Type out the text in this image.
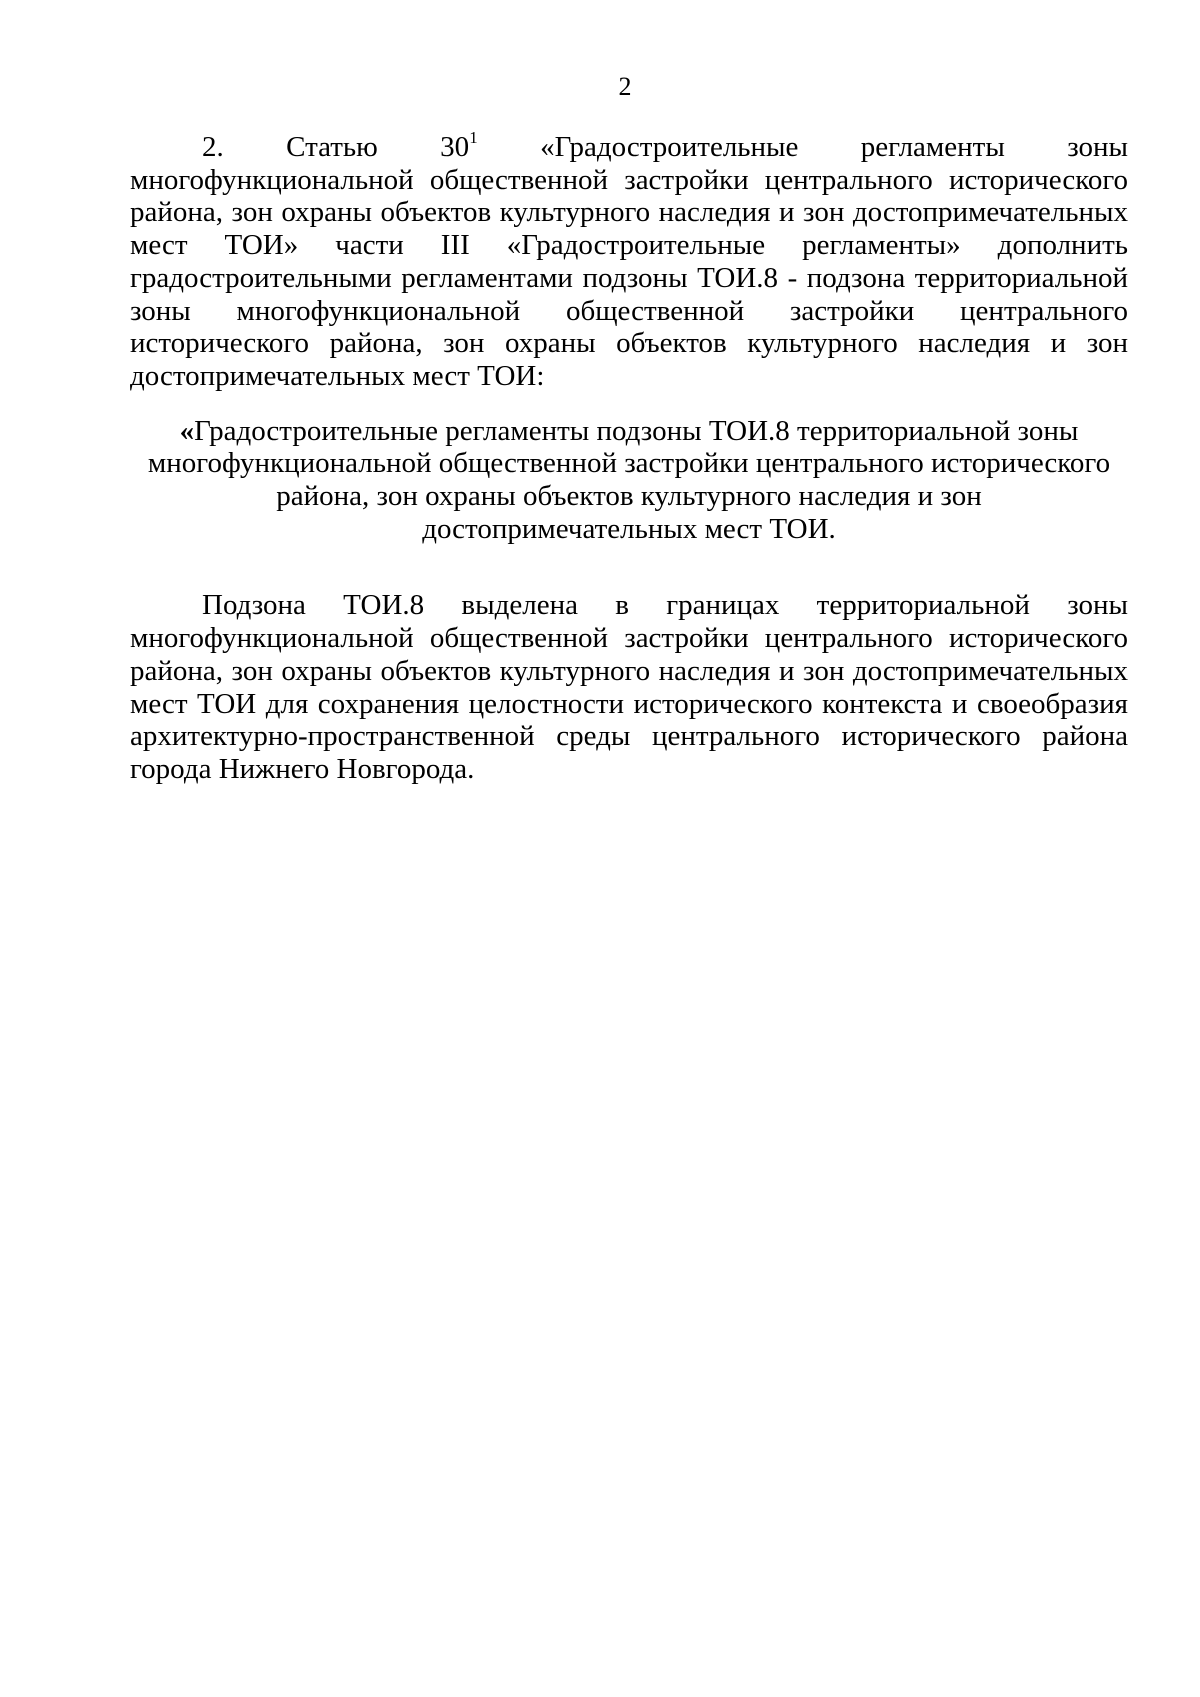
2

2. Статью $30^1$ «Градостроительные регламенты зоны многофункциональной общественной застройки центрального исторического района, зон охраны объектов культурного наследия и зон достопримечательных мест ТОИ» части III «Градостроительные регламенты» дополнить градостроительными регламентами подзоны ТОИ.8 - подзона территориальной зоны многофункциональной общественной застройки центрального исторического района, зон охраны объектов культурного наследия и зон достопримечательных мест ТОИ:

«Градостроительные регламенты подзоны ТОИ.8 территориальной зоны многофункциональной общественной застройки центрального исторического района, зон охраны объектов культурного наследия и зон достопримечательных мест ТОИ.

Подзона ТОИ.8 выделена в границах территориальной зоны многофункциональной общественной застройки центрального исторического района, зон охраны объектов культурного наследия и зон достопримечательных мест ТОИ для сохранения целостности исторического контекста и своеобразия архитектурно-пространственной среды центрального исторического района города Нижнего Новгорода.
